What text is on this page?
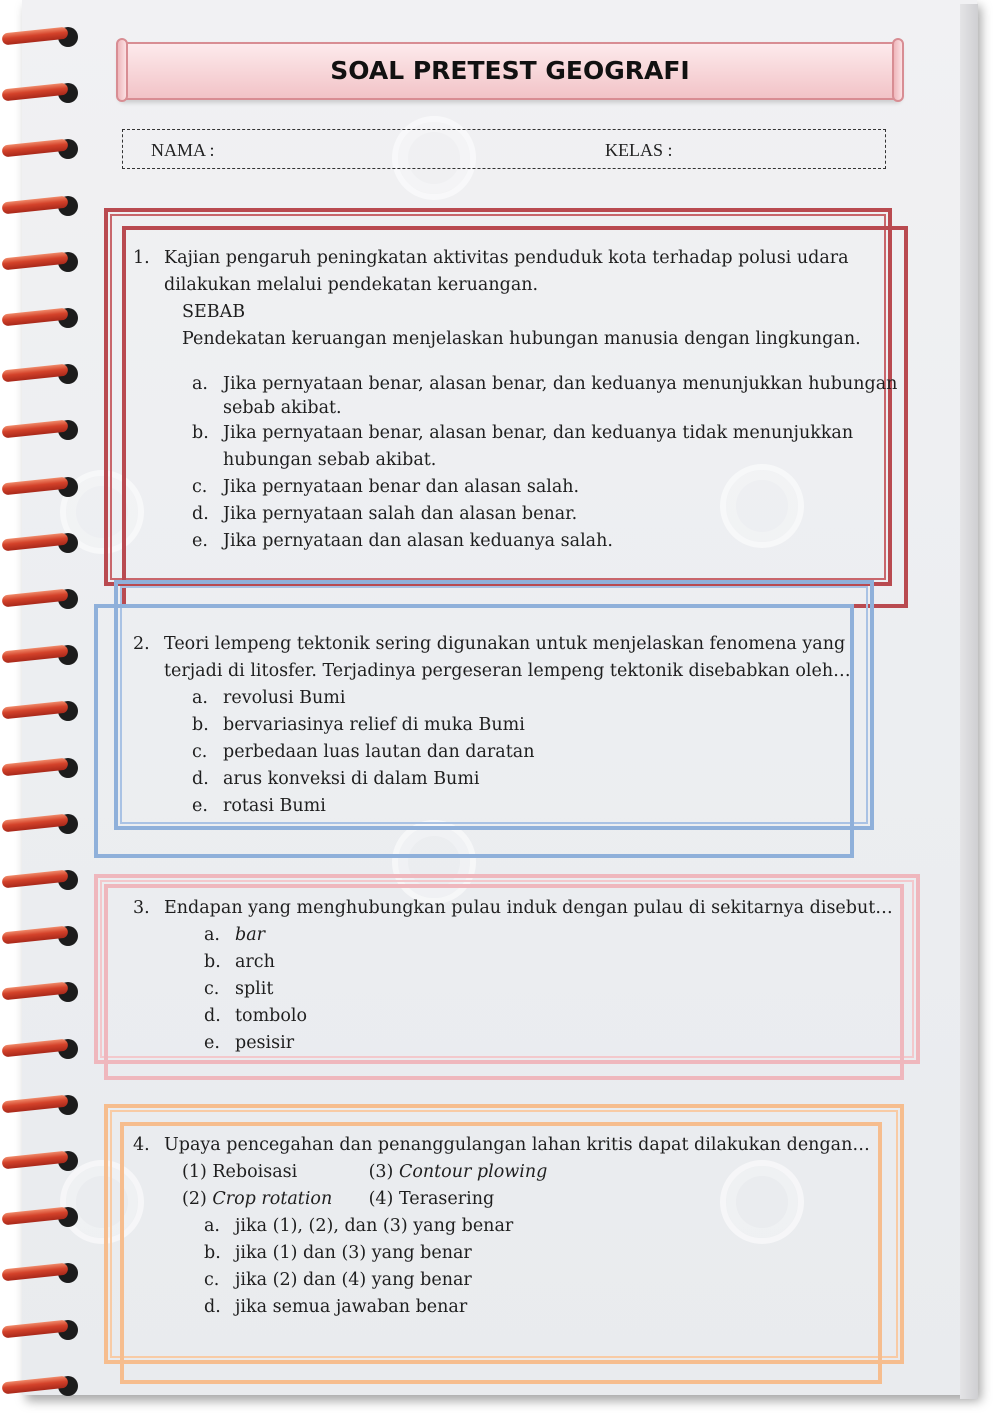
SOAL PRETEST GEOGRAFI
NAMA :	KELAS :
1. Kajian pengaruh peningkatan aktivitas penduduk kota terhadap polusi udara
dilakukan melalui pendekatan keruangan.
SEBAB
Pendekatan keruangan menjelaskan hubungan manusia dengan lingkungan.
a. Jika pernyataan benar, alasan benar, dan keduanya menunjukkan hubungan
sebab akibat.
b. Jika pernyataan benar, alasan benar, dan keduanya tidak menunjukkan
hubungan sebab akibat.
c. Jika pernyataan benar dan alasan salah.
d. Jika pernyataan salah dan alasan benar.
e. Jika pernyataan dan alasan keduanya salah.
2. Teori lempeng tektonik sering digunakan untuk menjelaskan fenomena yang
terjadi di litosfer. Terjadinya pergeseran lempeng tektonik disebabkan oleh…
a. revolusi Bumi
b. bervariasinya relief di muka Bumi
c. perbedaan luas lautan dan daratan
d. arus konveksi di dalam Bumi
e. rotasi Bumi
3. Endapan yang menghubungkan pulau induk dengan pulau di sekitarnya disebut…
a. bar
b. arch
c. split
d. tombolo
e. pesisir
4. Upaya pencegahan dan penanggulangan lahan kritis dapat dilakukan dengan…
(1) Reboisasi	(3) Contour plowing
(2) Crop rotation (4) Terasering
a. jika (1), (2), dan (3) yang benar
b. jika (1) dan (3) yang benar
c. jika (2) dan (4) yang benar
d. jika semua jawaban benar
